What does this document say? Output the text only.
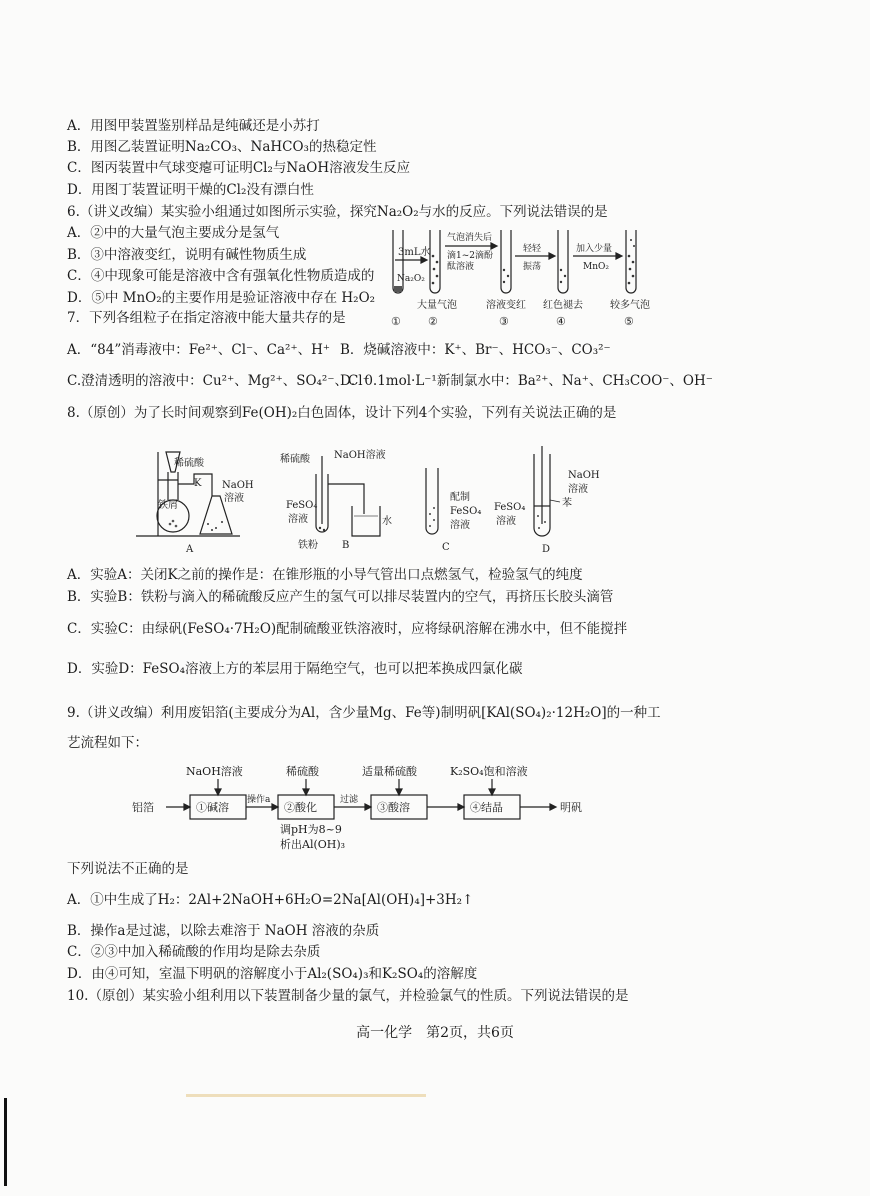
A．用图甲装置鉴别样品是纯碱还是小苏打
B．用图乙装置证明Na₂CO₃、NaHCO₃的热稳定性
C．图丙装置中气球变瘪可证明Cl₂与NaOH溶液发生反应
D．用图丁装置证明干燥的Cl₂没有漂白性
6.（讲义改编）某实验小组通过如图所示实验，探究Na₂O₂与水的反应。下列说法错误的是
A．②中的大量气泡主要成分是氢气
B．③中溶液变红，说明有碱性物质生成
C．④中现象可能是溶液中含有强氧化性物质造成的
D．⑤中 MnO₂的主要作用是验证溶液中存在 H₂O₂
3mL水
Na₂O₂
气泡消失后
滴1~2滴酚
酞溶液
轻轻
振荡
加入少量
MnO₂
大量气泡	溶液变红 红色褪去	较多气泡
① ②	③	④	⑤
7．下列各组粒子在指定溶液中能大量共存的是
A．“84”消毒液中：Fe²⁺、Cl⁻、Ca²⁺、H⁺ B．烧碱溶液中：K⁺、Br⁻、HCO₃⁻、CO₃²⁻
C.澄清透明的溶液中：Cu²⁺、Mg²⁺、SO₄²⁻、Cl⁻
D．0.1mol·L⁻¹新制氯水中：Ba²⁺、Na⁺、CH₃COO⁻、OH⁻
8.（原创）为了长时间观察到Fe(OH)₂白色固体，设计下列4个实验，下列有关说法正确的是
稀硫酸
K
铁屑
NaOH
溶液
A
稀硫酸 NaOH溶液
FeSO₄
溶液	水
铁粉 B
配制
FeSO₄
溶液
C
NaOH
溶液
FeSO₄
溶液
苯
D
A．实验A：关闭K之前的操作是：在锥形瓶的小导气管出口点燃氢气，检验氢气的纯度
B．实验B：铁粉与滴入的稀硫酸反应产生的氢气可以排尽装置内的空气，再挤压长胶头滴管
C．实验C：由绿矾(FeSO₄·7H₂O)配制硫酸亚铁溶液时，应将绿矾溶解在沸水中，但不能搅拌
D．实验D：FeSO₄溶液上方的苯层用于隔绝空气，也可以把苯换成四氯化碳
9.（讲义改编）利用废铝箔(主要成分为Al，含少量Mg、Fe等)制明矾[KAl(SO₄)₂·12H₂O]的一种工
艺流程如下：
NaOH溶液	稀硫酸	适量稀硫酸	K₂SO₄饱和溶液
铝箔	①碱溶
操作a
②酸化
过滤
③酸溶	④结晶	明矾
调pH为8~9
析出Al(OH)₃
下列说法不正确的是
A．①中生成了H₂：2Al+2NaOH+6H₂O=2Na[Al(OH)₄]+3H₂↑
B．操作a是过滤，以除去难溶于 NaOH 溶液的杂质
C．②③中加入稀硫酸的作用均是除去杂质
D．由④可知，室温下明矾的溶解度小于Al₂(SO₄)₃和K₂SO₄的溶解度
10.（原创）某实验小组利用以下装置制备少量的氯气，并检验氯气的性质。下列说法错误的是
高一化学　第2页，共6页
